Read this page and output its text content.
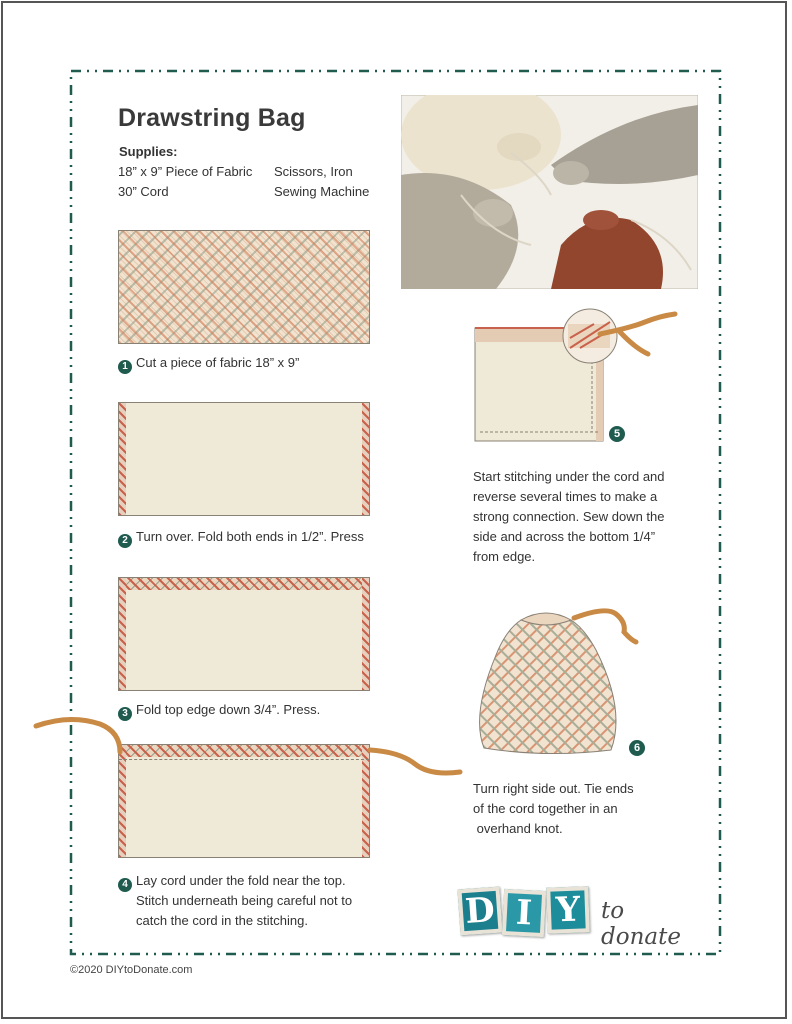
Drawstring Bag
Supplies:
18” x 9” Piece of Fabric
30” Cord
Scissors, Iron
Sewing Machine
1 Cut a piece of fabric 18” x 9”
2 Turn over. Fold both ends in 1/2”. Press
3 Fold top edge down 3/4”. Press.
4 Lay cord under the fold near the top.
Stitch underneath being careful not to
catch the cord in the stitching.
5
Start stitching under the cord and
reverse several times to make a
strong connection. Sew down the
side and across the bottom 1/4”
from edge.
6
Turn right side out. Tie ends
of the cord together in an
overhand knot.
D I Y to donate
©2020 DIYtoDonate.com
